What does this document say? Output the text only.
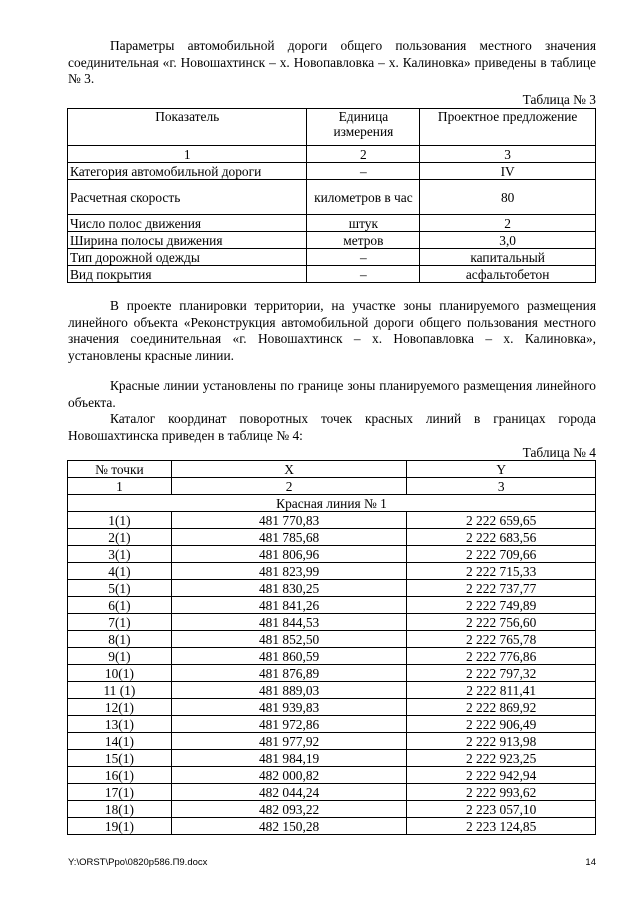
Параметры автомобильной дороги общего пользования местного значения соединительная «г. Новошахтинск – х. Новопавловка – х. Калиновка» приведены в таблице № 3.

Таблица № 3
Показатель	Единица измерения	Проектное предложение
1	2	3
Категория автомобильной дороги	–	IV
Расчетная скорость	километров в час	80
Число полос движения	штук	2
Ширина полосы движения	метров	3,0
Тип дорожной одежды	–	капитальный
Вид покрытия	–	асфальтобетон

В проекте планировки территории, на участке зоны планируемого размещения линейного объекта «Реконструкция автомобильной дороги общего пользования местного значения соединительная «г. Новошахтинск – х. Новопавловка – х. Калиновка», установлены красные линии.

Красные линии установлены по границе зоны планируемого размещения линейного объекта.

Каталог координат поворотных точек красных линий в границах города Новошахтинска приведен в таблице № 4:

Таблица № 4
№ точки	X	Y
1	2	3
Красная линия № 1		
1(1)	481 770,83	2 222 659,65
2(1)	481 785,68	2 222 683,56
3(1)	481 806,96	2 222 709,66
4(1)	481 823,99	2 222 715,33
5(1)	481 830,25	2 222 737,77
6(1)	481 841,26	2 222 749,89
7(1)	481 844,53	2 222 756,60
8(1)	481 852,50	2 222 765,78
9(1)	481 860,59	2 222 776,86
10(1)	481 876,89	2 222 797,32
11 (1)	481 889,03	2 222 811,41
12(1)	481 939,83	2 222 869,92
13(1)	481 972,86	2 222 906,49
14(1)	481 977,92	2 222 913,98
15(1)	481 984,19	2 222 923,25
16(1)	482 000,82	2 222 942,94
17(1)	482 044,24	2 222 993,62
18(1)	482 093,22	2 223 057,10
19(1)	482 150,28	2 223 124,85
Y:\ORST\Ppo\0820p586.П9.docx	14
